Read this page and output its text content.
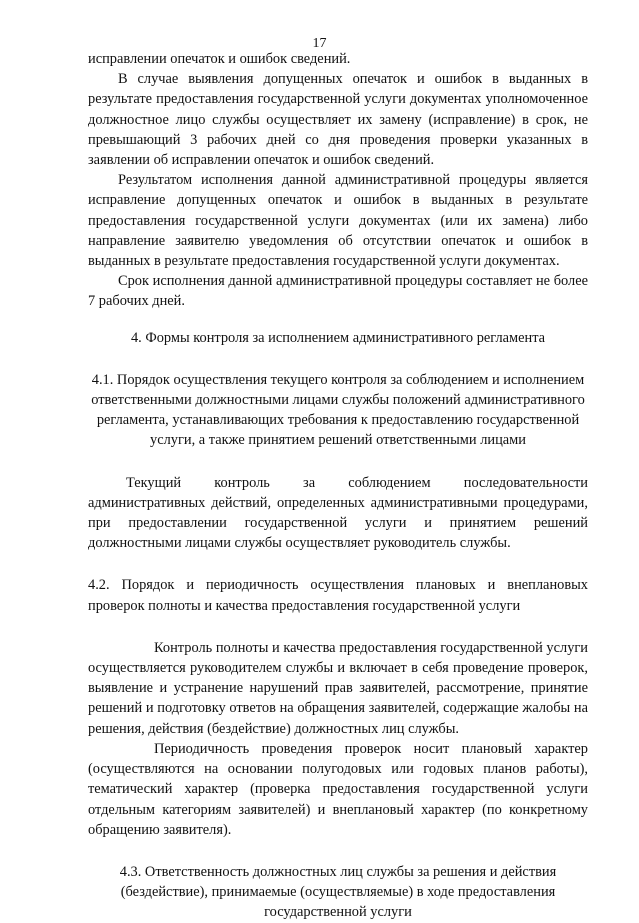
17

исправлении опечаток и ошибок сведений.

В случае выявления допущенных опечаток и ошибок в выданных в результате предоставления государственной услуги документах уполномоченное должностное лицо службы осуществляет их замену (исправление) в срок, не превышающий 3 рабочих дней со дня проведения проверки указанных в заявлении об исправлении опечаток и ошибок сведений.

Результатом исполнения данной административной процедуры является исправление допущенных опечаток и ошибок в выданных в результате предоставления государственной услуги документах (или их замена) либо направление заявителю уведомления об отсутствии опечаток и ошибок в выданных в результате предоставления государственной услуги документах.

Срок исполнения данной административной процедуры составляет не более 7 рабочих дней.

4. Формы контроля за исполнением административного регламента

4.1. Порядок осуществления текущего контроля за соблюдением и исполнением ответственными должностными лицами службы положений административного регламента, устанавливающих требования к предоставлению государственной услуги, а также принятием решений ответственными лицами

Текущий контроль за соблюдением последовательности административных действий, определенных административными процедурами, при предоставлении государственной услуги и принятием решений должностными лицами службы осуществляет руководитель службы.

4.2. Порядок и периодичность осуществления плановых и внеплановых проверок полноты и качества предоставления государственной услуги

Контроль полноты и качества предоставления государственной услуги осуществляется руководителем службы и включает в себя проведение проверок, выявление и устранение нарушений прав заявителей, рассмотрение, принятие решений и подготовку ответов на обращения заявителей, содержащие жалобы на решения, действия (бездействие) должностных лиц службы.

Периодичность проведения проверок носит плановый характер (осуществляются на основании полугодовых или годовых планов работы), тематический характер (проверка предоставления государственной услуги отдельным категориям заявителей) и внеплановый характер (по конкретному обращению заявителя).

4.3. Ответственность должностных лиц службы за решения и действия (бездействие), принимаемые (осуществляемые) в ходе предоставления государственной услуги
